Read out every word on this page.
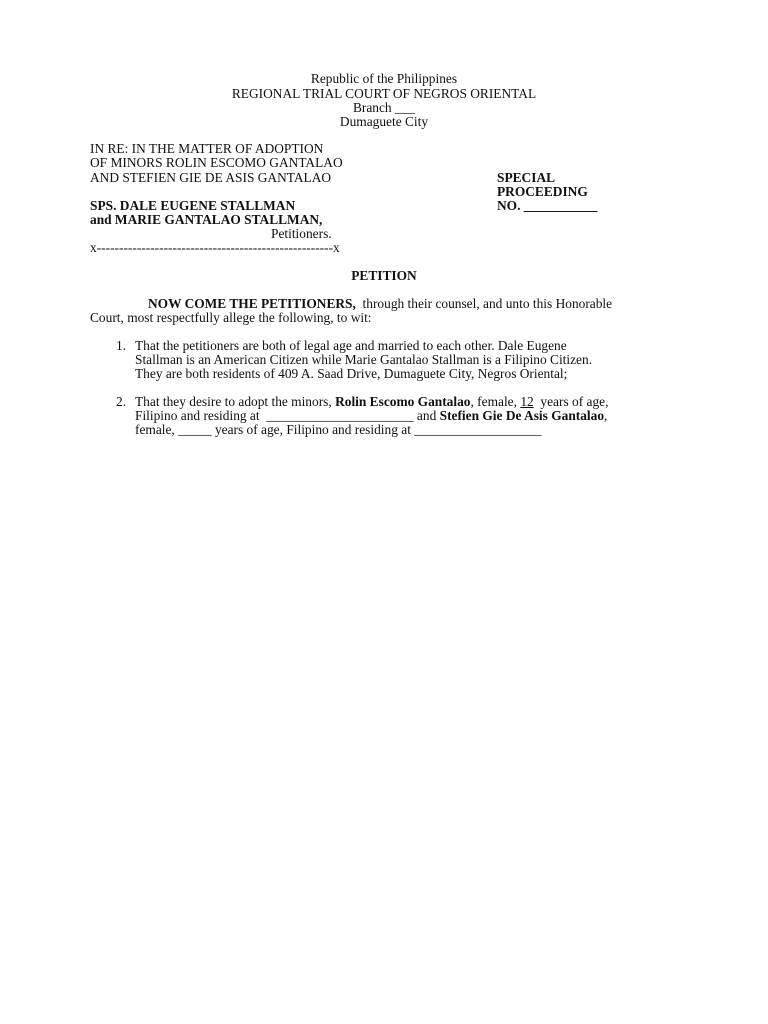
Republic of the Philippines
REGIONAL TRIAL COURT OF NEGROS ORIENTAL
Branch ___
Dumaguete City
IN RE: IN THE MATTER OF ADOPTION
OF MINORS ROLIN ESCOMO GANTALAO
AND STEFIEN GIE DE ASIS GANTALAO
SPS. DALE EUGENE STALLMAN
and MARIE GANTALAO STALLMAN,
Petitioners.
x-----------------------------------------------------x
SPECIAL
PROCEEDING
NO. ___________
PETITION
NOW COME THE PETITIONERS,  through their counsel, and unto this Honorable
Court, most respectfully allege the following, to wit:
1. That the petitioners are both of legal age and married to each other. Dale Eugene
Stallman is an American Citizen while Marie Gantalao Stallman is a Filipino Citizen.
They are both residents of 409 A. Saad Drive, Dumaguete City, Negros Oriental;
2. That they desire to adopt the minors, Rolin Escomo Gantalao, female, 12  years of age,
Filipino and residing at  ______________________ and Stefien Gie De Asis Gantalao,
female, _____ years of age, Filipino and residing at ___________________
